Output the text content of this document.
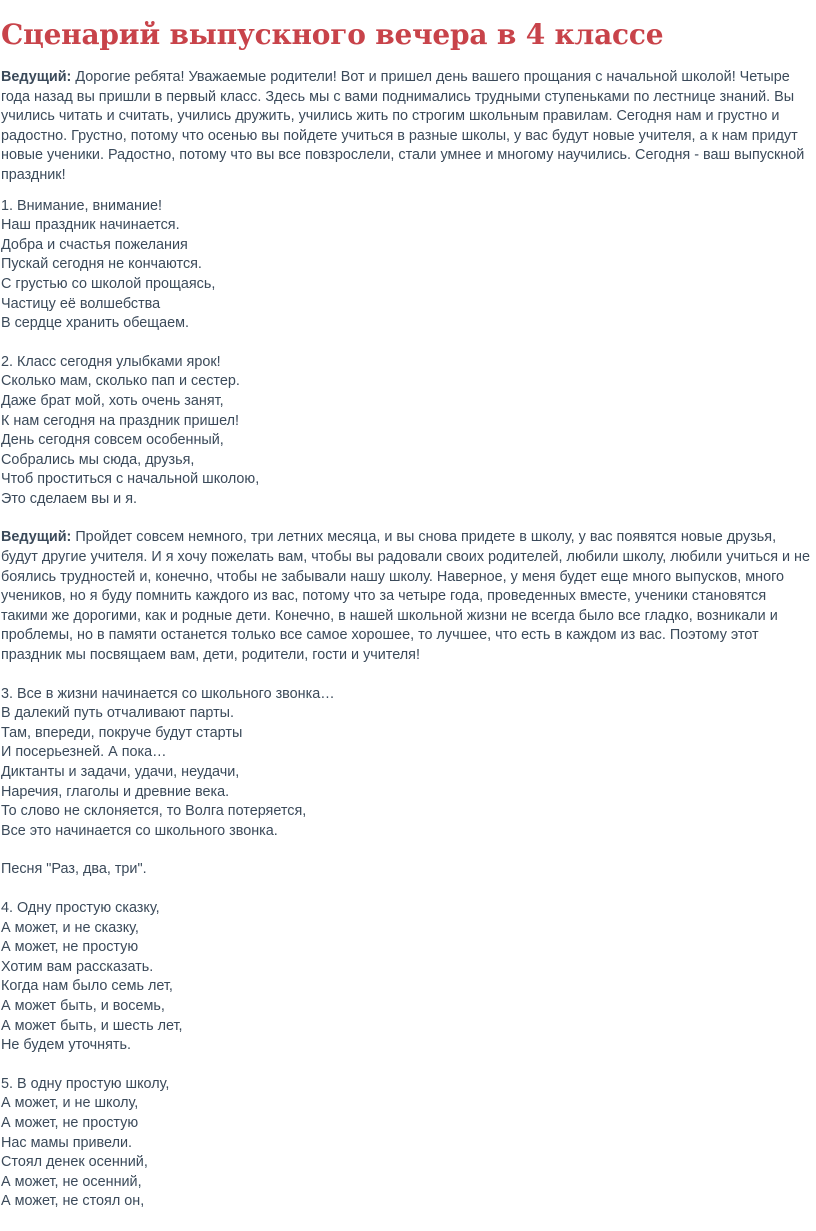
Сценарий выпускного вечера в 4 классе

Ведущий: Дорогие ребята! Уважаемые родители! Вот и пришел день вашего прощания с начальной школой! Четыре года назад вы пришли в первый класс. Здесь мы с вами поднимались трудными ступеньками по лестнице знаний. Вы учились читать и считать, учились дружить, учились жить по строгим школьным правилам. Сегодня нам и грустно и радостно. Грустно, потому что осенью вы пойдете учиться в разные школы, у вас будут новые учителя, а к нам придут новые ученики. Радостно, потому что вы все повзрослели, стали умнее и многому научились. Сегодня - ваш выпускной праздник!

1. Внимание, внимание!
Наш праздник начинается.
Добра и счастья пожелания
Пускай сегодня не кончаются.
С грустью со школой прощаясь,
Частицу её волшебства
В сердце хранить обещаем.
2. Класс сегодня улыбками ярок!
Сколько мам, сколько пап и сестер.
Даже брат мой, хоть очень занят,
К нам сегодня на праздник пришел!
День сегодня совсем особенный,
Собрались мы сюда, друзья,
Чтоб проститься с начальной школою,
Это сделаем вы и я.

Ведущий: Пройдет совсем немного, три летних месяца, и вы снова придете в школу, у вас появятся новые друзья, будут другие учителя. И я хочу пожелать вам, чтобы вы радовали своих родителей, любили школу, любили учиться и не боялись трудностей и, конечно, чтобы не забывали нашу школу. Наверное, у меня будет еще много выпусков, много учеников, но я буду помнить каждого из вас, потому что за четыре года, проведенных вместе, ученики становятся такими же дорогими, как и родные дети. Конечно, в нашей школьной жизни не всегда было все гладко, возникали и проблемы, но в памяти останется только все самое хорошее, то лучшее, что есть в каждом из вас. Поэтому этот праздник мы посвящаем вам, дети, родители, гости и учителя!

3. Все в жизни начинается со школьного звонка…
В далекий путь отчаливают парты.
Там, впереди, покруче будут старты
И посерьезней. А пока…
Диктанты и задачи, удачи, неудачи,
Наречия, глаголы и древние века.
То слово не склоняется, то Волга потеряется,
Все это начинается со школьного звонка.
Песня "Раз, два, три".
4. Одну простую сказку,
А может, и не сказку,
А может, не простую
Хотим вам рассказать.
Когда нам было семь лет,
А может быть, и восемь,
А может быть, и шесть лет,
Не будем уточнять.
5. В одну простую школу,
А может, и не школу,
А может, не простую
Нас мамы привели.
Стоял денек осенний,
А может, не осенний,
А может, не стоял он,
